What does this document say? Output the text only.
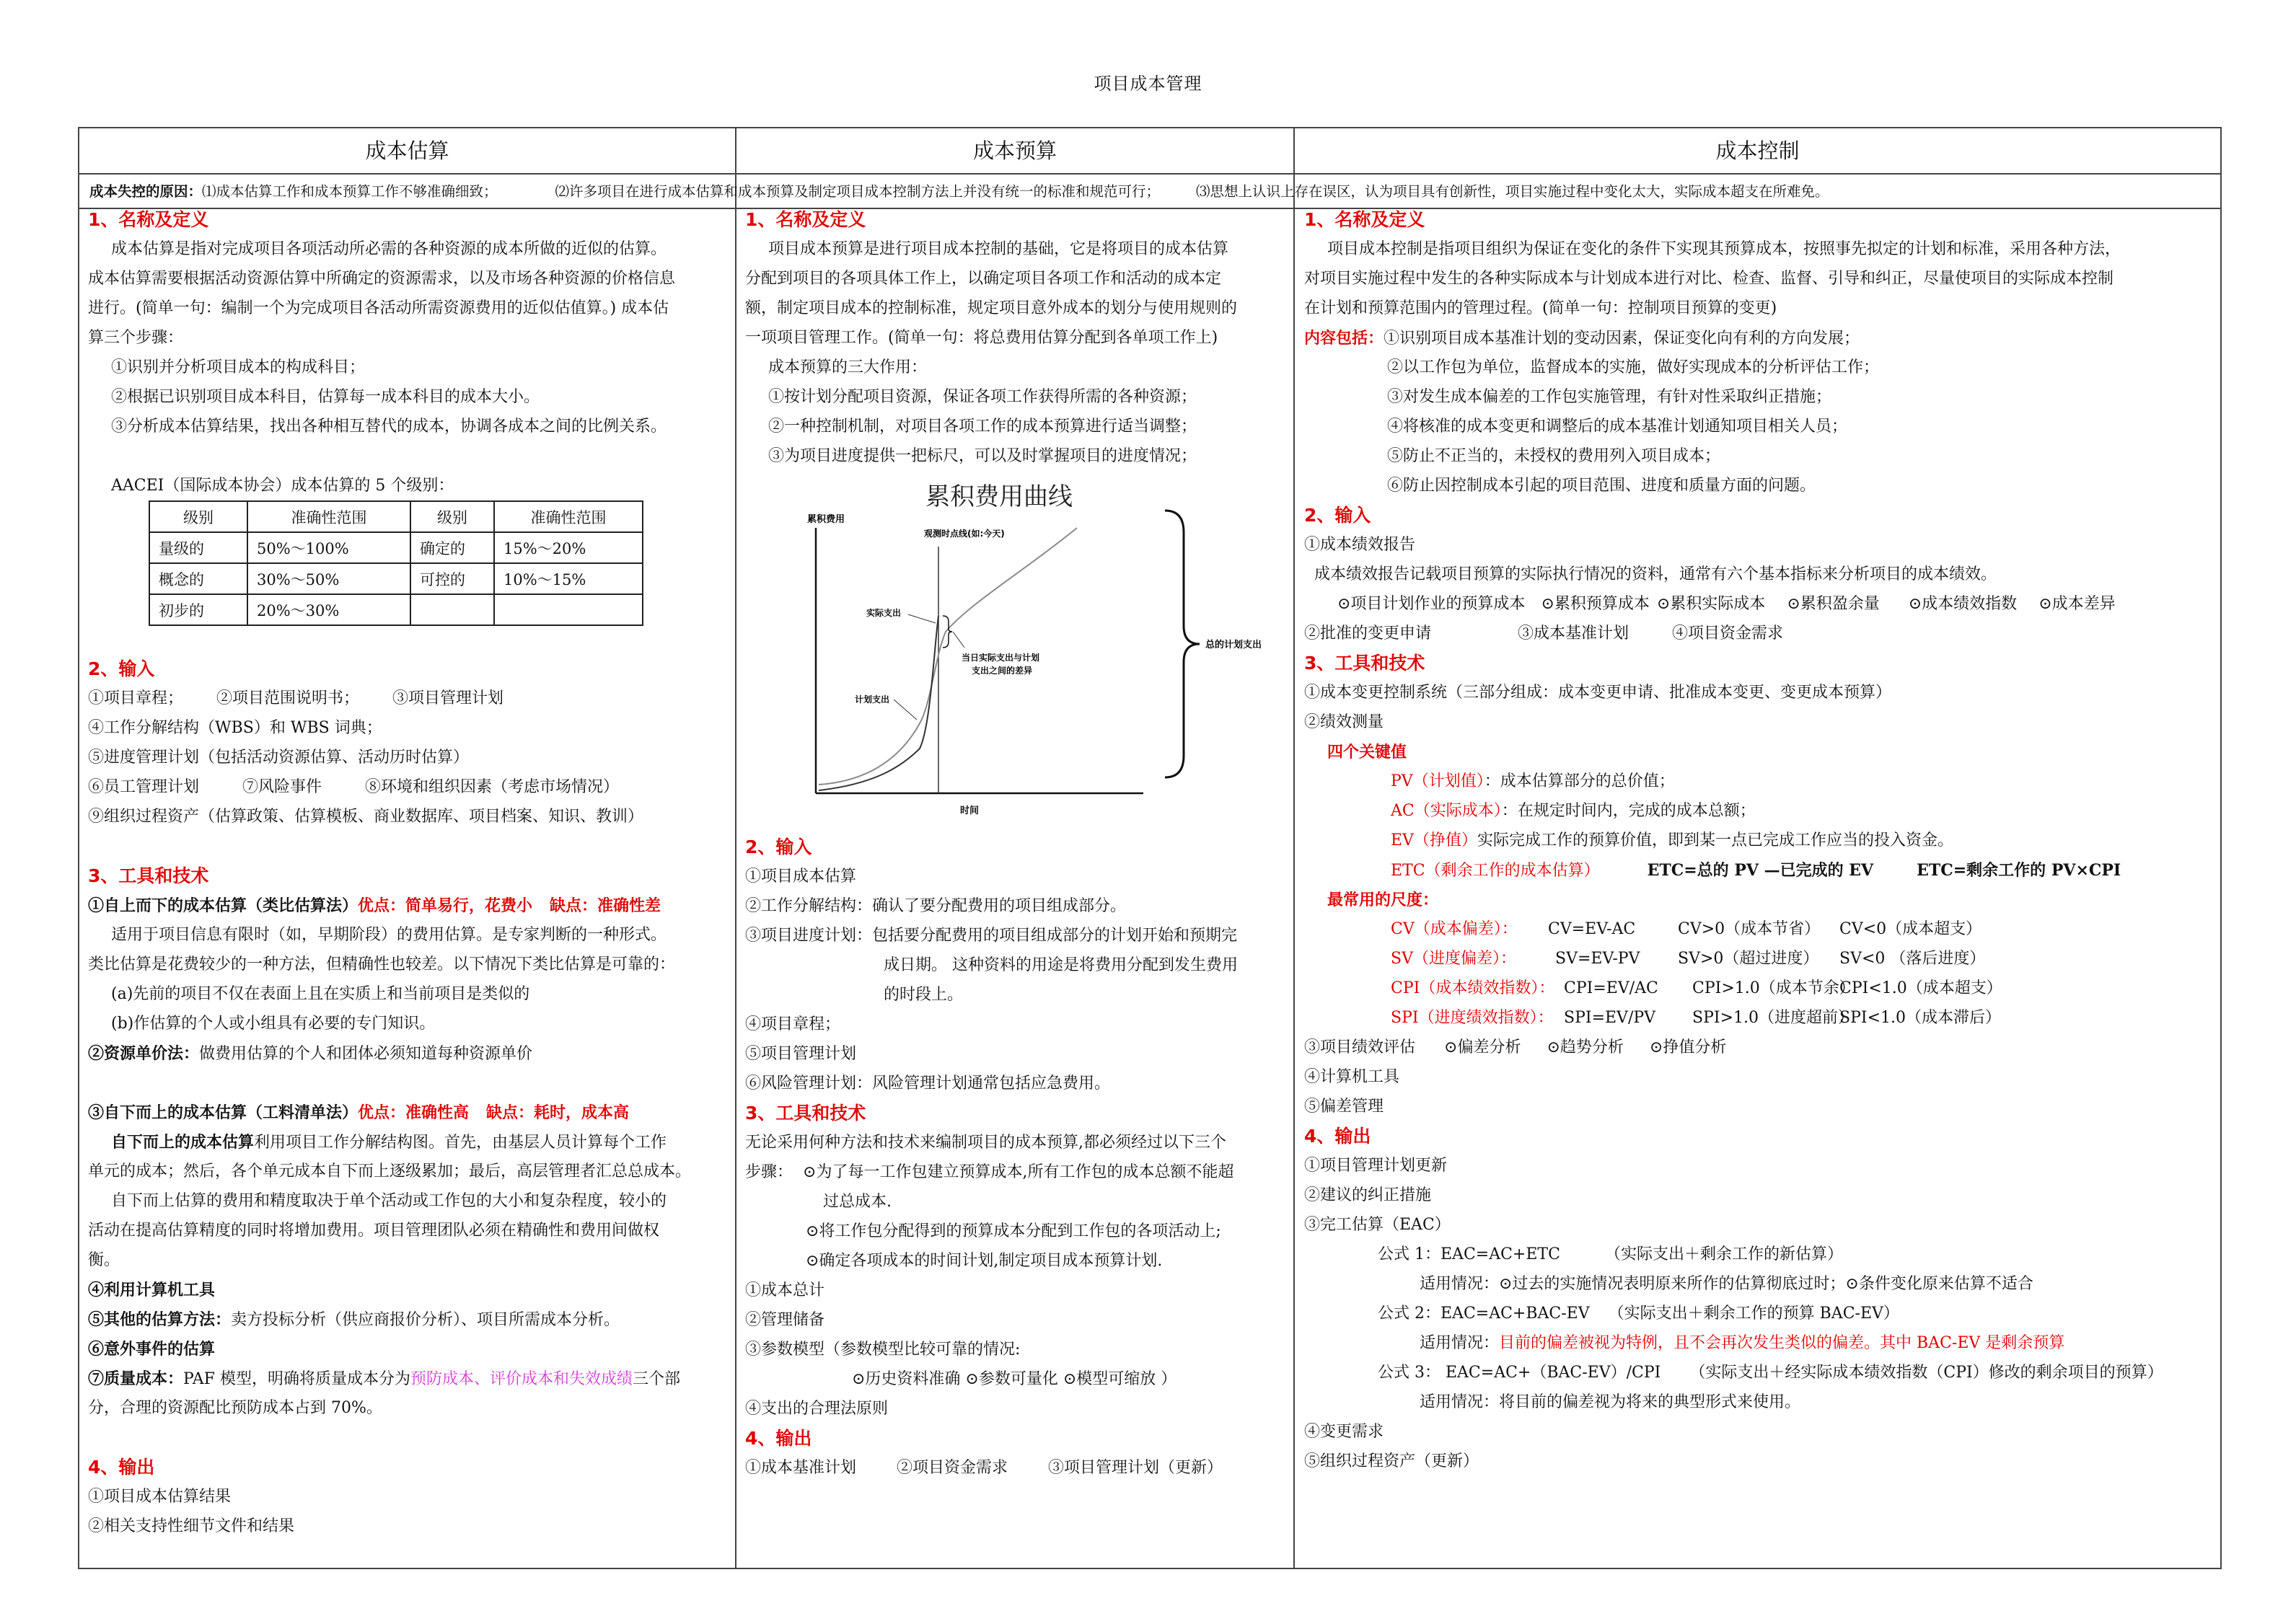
项目成本管理
成本估算	成本预算	成本控制
成本失控的原因：⑴成本估算工作和成本预算工作不够准确细致；	⑵许多项目在进行成本估算和成本预算及制定项目成本控制方法上并没有统一的标准和规范可行；	⑶思想上认识上存在误区，认为项目具有创新性，项目实施过程中变化太大，实际成本超支在所难免。
1、名称及定义
成本估算是指对完成项目各项活动所必需的各种资源的成本所做的近似的估算。
成本估算需要根据活动资源估算中所确定的资源需求，以及市场各种资源的价格信息
进行。(简单一句：编制一个为完成项目各活动所需资源费用的近似估值算。) 成本估
算三个步骤：
①识别并分析项目成本的构成科目；
②根据已识别项目成本科目，估算每一成本科目的成本大小。
③分析成本估算结果，找出各种相互替代的成本，协调各成本之间的比例关系。
AACEI（国际成本协会）成本估算的 5 个级别：
级别	准确性范围	级别	准确性范围
量级的	50%～100%	确定的	15%～20%
概念的	30%～50%	可控的	10%～15%
初步的	20%～30%		
2、输入
①项目章程； ②项目范围说明书； ③项目管理计划
④工作分解结构（WBS）和 WBS 词典；
⑤进度管理计划（包括活动资源估算、活动历时估算）
⑥员工管理计划	⑦风险事件	⑧环境和组织因素（考虑市场情况）
⑨组织过程资产（估算政策、估算模板、商业数据库、项目档案、知识、教训）
3、工具和技术
①自上而下的成本估算（类比估算法）优点：简单易行，花费小 缺点：准确性差
适用于项目信息有限时（如，早期阶段）的费用估算。是专家判断的一种形式。
类比估算是花费较少的一种方法，但精确性也较差。以下情况下类比估算是可靠的：
(a)先前的项目不仅在表面上且在实质上和当前项目是类似的
(b)作估算的个人或小组具有必要的专门知识。
②资源单价法：做费用估算的个人和团体必须知道每种资源单价
③自下而上的成本估算（工料清单法）优点：准确性高 缺点：耗时，成本高
自下而上的成本估算利用项目工作分解结构图。首先，由基层人员计算每个工作
单元的成本；然后，各个单元成本自下而上逐级累加；最后，高层管理者汇总总成本。
自下而上估算的费用和精度取决于单个活动或工作包的大小和复杂程度，较小的
活动在提高估算精度的同时将增加费用。项目管理团队必须在精确性和费用间做权
衡。
④利用计算机工具
⑤其他的估算方法：卖方投标分析（供应商报价分析）、项目所需成本分析。
⑥意外事件的估算
⑦质量成本：PAF 模型，明确将质量成本分为预防成本、评价成本和失效成绩三个部
分，合理的资源配比预防成本占到 70%。
4、输出
①项目成本估算结果
②相关支持性细节文件和结果
1、名称及定义
项目成本预算是进行项目成本控制的基础，它是将项目的成本估算
分配到项目的各项具体工作上，以确定项目各项工作和活动的成本定
额，制定项目成本的控制标准，规定项目意外成本的划分与使用规则的
一项项目管理工作。(简单一句：将总费用估算分配到各单项工作上)
成本预算的三大作用：
①按计划分配项目资源，保证各项工作获得所需的各种资源；
②一种控制机制，对项目各项工作的成本预算进行适当调整；
③为项目进度提供一把标尺，可以及时掌握项目的进度情况；
累积费用曲线
累积费用
时间
观测时点线(如:今天)
计划支出
实际支出
当日实际支出与计划
支出之间的差异
总的计划支出
2、输入
①项目成本估算
②工作分解结构：确认了要分配费用的项目组成部分。
③项目进度计划：包括要分配费用的项目组成部分的计划开始和预期完
成日期。 这种资料的用途是将费用分配到发生费用
的时段上。
④项目章程；
⑤项目管理计划
⑥风险管理计划：风险管理计划通常包括应急费用。
3、工具和技术
无论采用何种方法和技术来编制项目的成本预算,都必须经过以下三个
步骤： ⊙为了每一工作包建立预算成本,所有工作包的成本总额不能超
过总成本.
⊙将工作包分配得到的预算成本分配到工作包的各项活动上;
⊙确定各项成本的时间计划,制定项目成本预算计划.
①成本总计
②管理储备
③参数模型（参数模型比较可靠的情况:
⊙历史资料准确 ⊙参数可量化 ⊙模型可缩放 ）
④支出的合理法原则
4、输出
①成本基准计划	②项目资金需求	③项目管理计划（更新）
1、名称及定义
项目成本控制是指项目组织为保证在变化的条件下实现其预算成本，按照事先拟定的计划和标准，采用各种方法，
对项目实施过程中发生的各种实际成本与计划成本进行对比、检查、监督、引导和纠正，尽量使项目的实际成本控制
在计划和预算范围内的管理过程。(简单一句：控制项目预算的变更)
内容包括：①识别项目成本基准计划的变动因素，保证变化向有利的方向发展；
②以工作包为单位，监督成本的实施，做好实现成本的分析评估工作；
③对发生成本偏差的工作包实施管理，有针对性采取纠正措施；
④将核准的成本变更和调整后的成本基准计划通知项目相关人员；
⑤防止不正当的，未授权的费用列入项目成本；
⑥防止因控制成本引起的项目范围、进度和质量方面的问题。
2、输入
①成本绩效报告
成本绩效报告记载项目预算的实际执行情况的资料，通常有六个基本指标来分析项目的成本绩效。
⊙项目计划作业的预算成本 ⊙累积预算成本 ⊙累积实际成本 ⊙累积盈余量 ⊙成本绩效指数 ⊙成本差异
②批准的变更申请	③成本基准计划	④项目资金需求
3、工具和技术
①成本变更控制系统（三部分组成：成本变更申请、批准成本变更、变更成本预算）
②绩效测量
四个关键值
PV（计划值）：成本估算部分的总价值；
AC（实际成本）：在规定时间内，完成的成本总额；
EV（挣值）实际完成工作的预算价值，即到某一点已完成工作应当的投入资金。
ETC（剩余工作的成本估算）	ETC=总的 PV —已完成的 EV	ETC=剩余工作的 PV×CPI
最常用的尺度：
CV（成本偏差）： CV=EV-AC	CV>0（成本节省） CV<0（成本超支）
SV（进度偏差）： SV=EV-PV SV>0（超过进度） SV<0 （落后进度）
CPI（成本绩效指数）： CPI=EV/AC CPI>1.0（成本节余）CPI<1.0（成本超支）
SPI（进度绩效指数）： SPI=EV/PV SPI>1.0（进度超前）SPI<1.0（成本滞后）
③项目绩效评估 ⊙偏差分析 ⊙趋势分析 ⊙挣值分析
④计算机工具
⑤偏差管理
4、输出
①项目管理计划更新
②建议的纠正措施
③完工估算（EAC）
公式 1：EAC=AC+ETC	（实际支出＋剩余工作的新估算）
适用情况：⊙过去的实施情况表明原来所作的估算彻底过时；⊙条件变化原来估算不适合
公式 2：EAC=AC+BAC-EV （实际支出＋剩余工作的预算 BAC-EV）
适用情况：目前的偏差被视为特例，且不会再次发生类似的偏差。其中 BAC-EV 是剩余预算
公式 3： EAC=AC+（BAC-EV）/CPI （实际支出＋经实际成本绩效指数（CPI）修改的剩余项目的预算）
适用情况：将目前的偏差视为将来的典型形式来使用。
④变更需求
⑤组织过程资产（更新）
